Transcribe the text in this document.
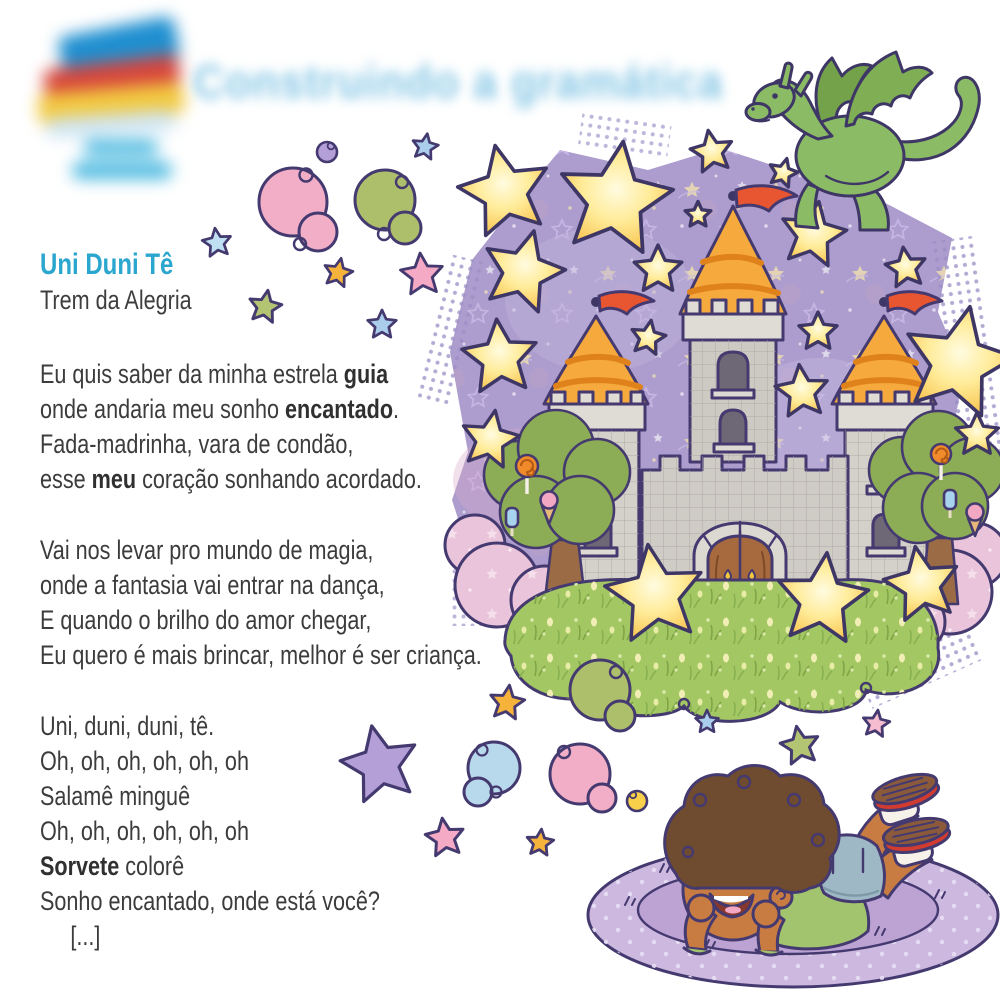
Construindo a gramática
Uni Duni Tê

Trem da Alegria

Eu quis saber da minha estrela guia

onde andaria meu sonho encantado.

Fada-madrinha, vara de condão,

esse meu coração sonhando acordado.

Vai nos levar pro mundo de magia,

onde a fantasia vai entrar na dança,

E quando o brilho do amor chegar,

Eu quero é mais brincar, melhor é ser criança.

Uni, duni, duni, tê.

Oh, oh, oh, oh, oh, oh

Salamê minguê

Oh, oh, oh, oh, oh, oh

Sorvete colorê

Sonho encantado, onde está você?

[...]
